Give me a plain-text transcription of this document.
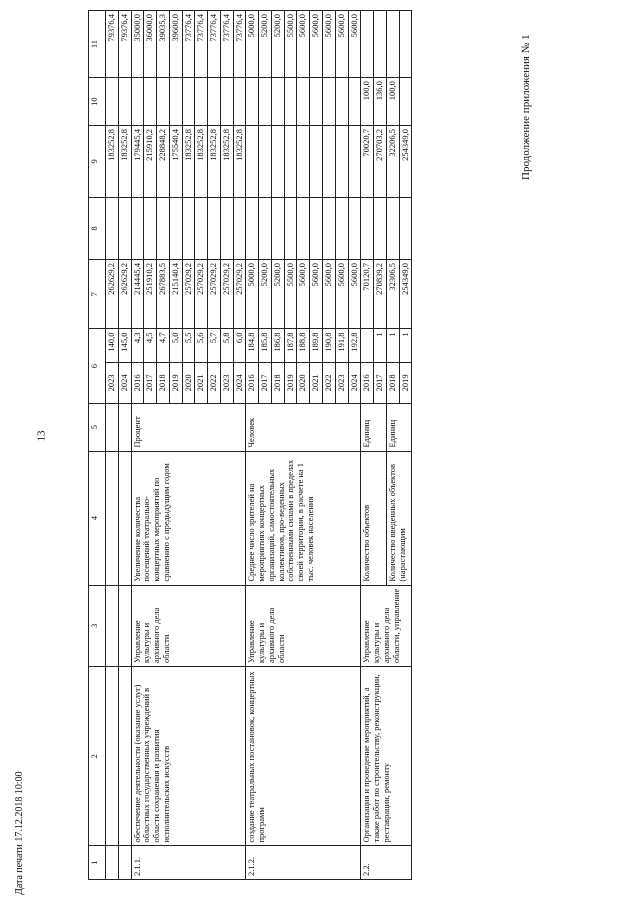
13
Продолжение приложения № 1
Дата печати 17.12.2018 10:00	1	2	3	4	5	6		7	8	9	10	11
					2023	140,0	262629,2		183252,8		79376,4
					2024	145,0	262629,2		183252,8		79376,4
2.1.1.	обеспечение деятельности (оказание услуг) областных государственных учреждений в области сохранения и развития исполнительских искусств	Управление культуры и архивного дела области	Увеличение количества посещений театрально-концертных мероприятий по сравнению с предыдущим годом	Процент	2016	4,3	214445,4		179445,4		35000,0
					2017	4,5	251910,2		215910,2		36000,0
					2018	4,7	267883,5		228848,2		39035,3
					2019	5,0	215140,4		175540,4		39600,0
					2020	5,5	257029,2		183252,8		73776,4
					2021	5,6	257029,2		183252,8		73776,4
					2022	5,7	257029,2		183252,8		73776,4
					2023	5,8	257029,2		183252,8		73776,4
					2024	6,0	257029,2		183252,8		73776,4
2.1.2.	создание театральных постановок, концертных программ	Управление культуры и архивного дела области	Среднее число зрителей на мероприятиях концертных организаций, самостоятельных коллективов, про-веденных собственными силами в пределах своей территории, в расчете на 1 тыс. человек населения	Человек	2016	184,8	5000,0				5000,0
					2017	185,8	5200,0				5200,0
					2018	186,8	5200,0				5200,0
					2019	187,8	5500,0				5500,0
					2020	188,8	5600,0				5600,0
					2021	189,8	5600,0				5600,0
					2022	190,8	5600,0				5600,0
					2023	191,8	5600,0				5600,0
					2024	192,8	5600,0				5600,0
2.2.	Организация и проведение мероприятий, а также работ по строительству, реконструкции, реставрации, ремонту	Управление культуры и архивного дела области, управление	Количество объектов	Единиц	2016		70120,7		70020,7	100,0	
					2017	1	270839,2		270703,2	136,0	
			Количество введенных объектов (нарастающим	Единиц	2018	1	32306,5		32206,5	100,0	
					2019	1	254349,0		254349,0		
